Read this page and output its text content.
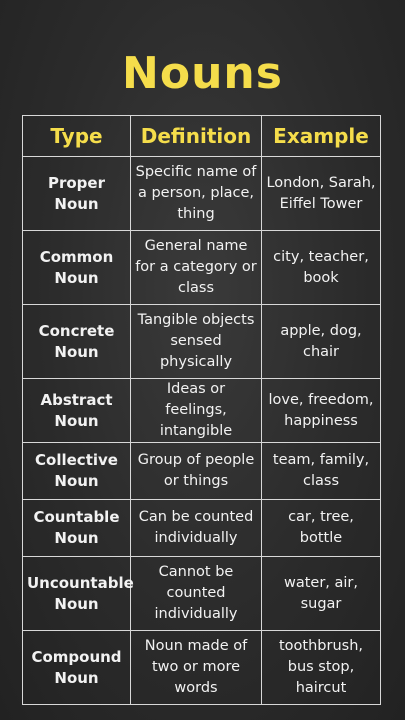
Nouns
Type	Definition	Example
Proper Noun	Specific name of a person, place, thing	London, Sarah, Eiffel Tower
Common Noun	General name for a category or class	city, teacher, book
Concrete Noun	Tangible objects sensed physically	apple, dog, chair
Abstract Noun	Ideas or feelings, intangible	love, freedom, happiness
Collective Noun	Group of people or things	team, family, class
Countable Noun	Can be counted individually	car, tree, bottle
Uncountable Noun	Cannot be counted individually	water, air, sugar
Compound Noun	Noun made of two or more words	toothbrush, bus stop, haircut
